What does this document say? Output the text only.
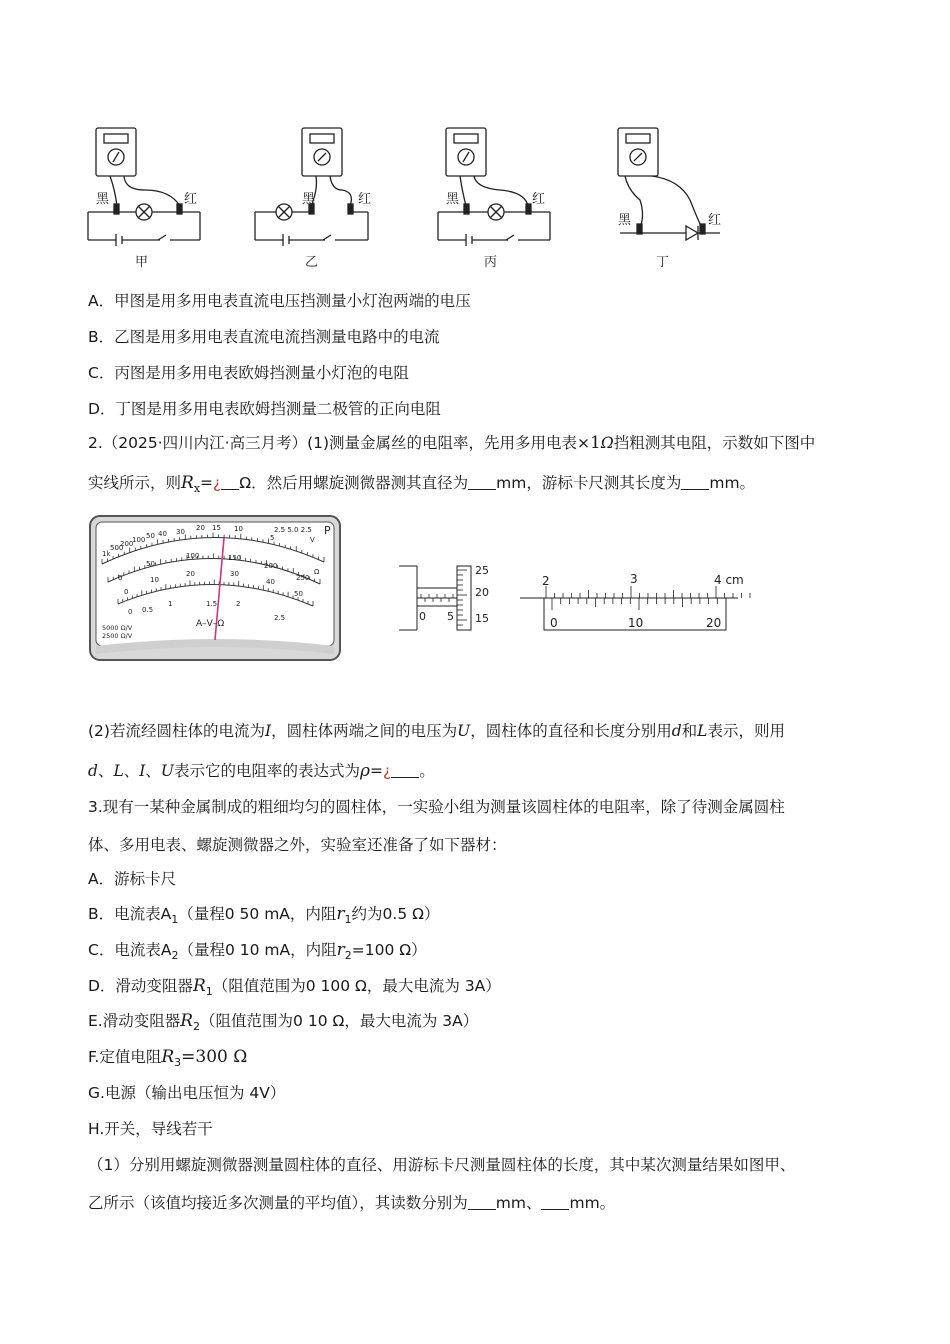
黑	红	黑	红	黑	红
黑	红
甲	乙	丙	丁
A．甲图是用多用电表直流电压挡测量小灯泡两端的电压
B．乙图是用多用电表直流电流挡测量电路中的电流
C．丙图是用多用电表欧姆挡测量小灯泡的电阻
D．丁图是用多用电表欧姆挡测量二极管的正向电阻
2.（2025·四川内江·高三月考）(1)测量金属丝的电阻率，先用多用电表×1Ω挡粗测其电阻，示数如下图中
实线所示，则$R_x=¿$ Ω．然后用螺旋测微器测其直径为 mm，游标卡尺测其长度为 mm。
30 20 15 10
5
1k
500
200
100 50 40	2.5 5.0 2.5 P
V
Ω
0
50
100	150
200
250
0
10
20	30
40
50
0 0.5
1	1.5	2
2.5
A–V–Ω
5000 Ω/V
2500 Ω/V
25
20
15
0 5
2	3	4 cm
0	10	20
(2)若流经圆柱体的电流为I，圆柱体两端之间的电压为U，圆柱体的直径和长度分别用d和L表示，则用
d、L、I、U表示它的电阻率的表达式为ρ=¿ 。
3.现有一某种金属制成的粗细均匀的圆柱体，一实验小组为测量该圆柱体的电阻率，除了待测金属圆柱
体、多用电表、螺旋测微器之外，实验室还准备了如下器材：
A．游标卡尺
B．电流表$A_1$（量程0 50 mA，内阻$r_1$约为0.5 Ω）
C．电流表$A_2$（量程0 10 mA，内阻$r_2=100$ Ω）
D．滑动变阻器$R_1$（阻值范围为0 100 Ω，最大电流为 3A）
E.滑动变阻器$R_2$（阻值范围为0 10 Ω，最大电流为 3A）
F.定值电阻$R_3=300$ Ω
G.电源（输出电压恒为 4V）
H.开关，导线若干
（1）分别用螺旋测微器测量圆柱体的直径、用游标卡尺测量圆柱体的长度，其中某次测量结果如图甲、
乙所示（该值均接近多次测量的平均值），其读数分别为 mm、 mm。
